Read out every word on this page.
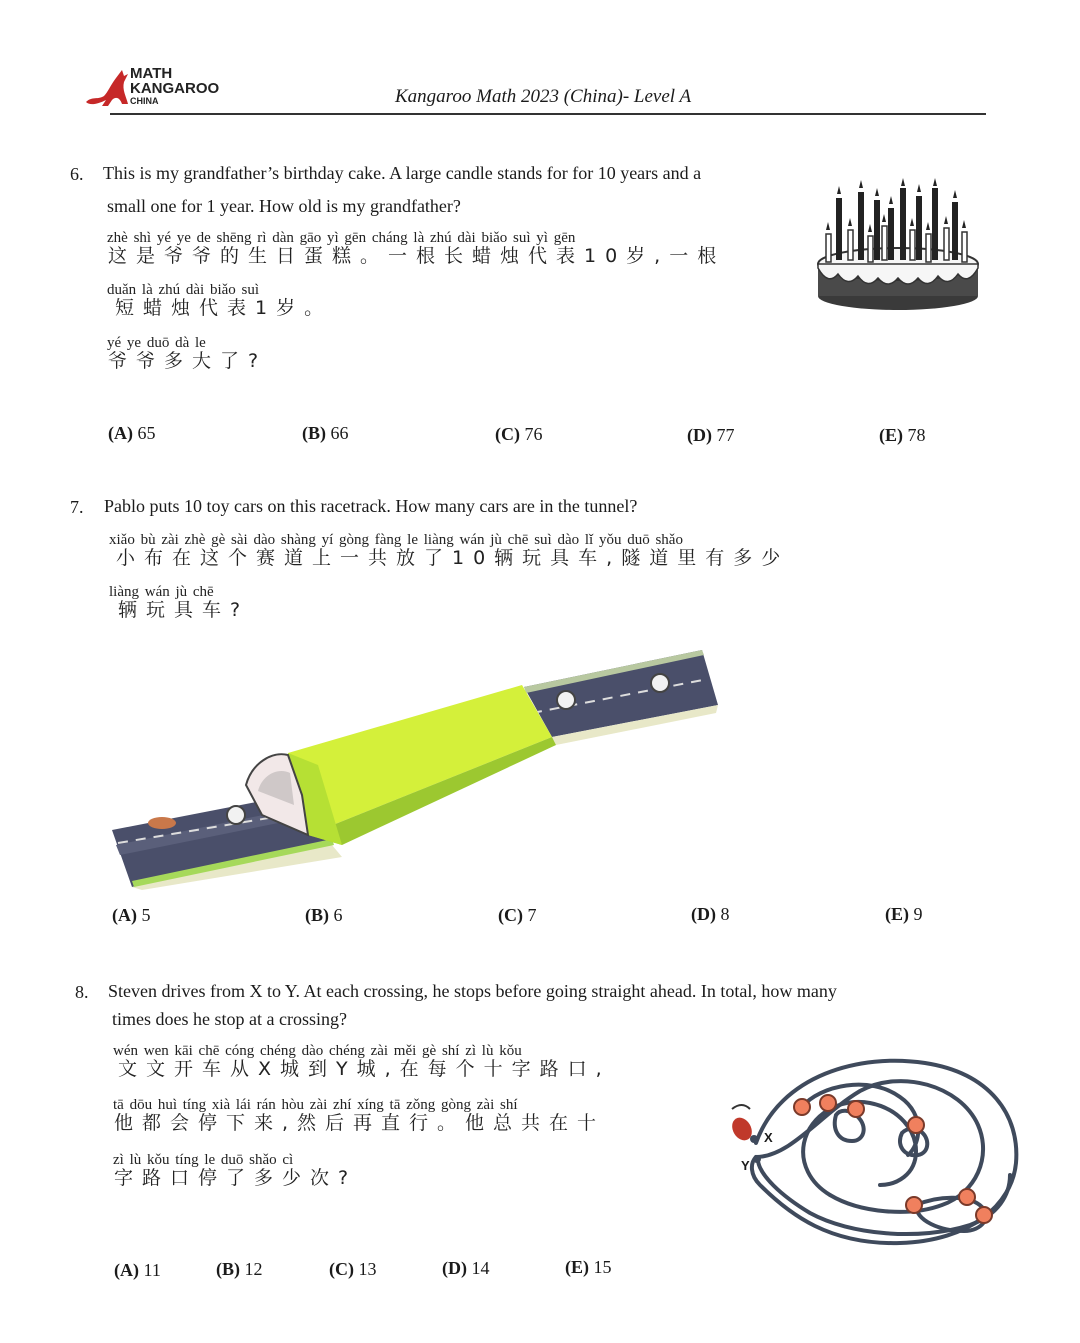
MATH
KANGAROO
CHINA	Kangaroo Math 2023 (China)- Level A
6. This is my grandfather’s birthday cake. A large candle stands for for 10 years and a
small one for 1 year. How old is my grandfather?
zhè shì yé ye de shēng rì dàn gāo yì gēn cháng là zhú dài biǎo suì yì gēn
这是爷爷的生日蛋糕。一根长蜡烛代表10岁,一根
duǎn là zhú dài biǎo suì
短蜡烛代表1岁。
yé ye duō dà le
爷爷多大了?
(A) 65	(B) 66	(C) 76	(D) 77	(E) 78
7. Pablo puts 10 toy cars on this racetrack. How many cars are in the tunnel?
xiǎo bù zài zhè gè sài dào shàng yí gòng fàng le liàng wán jù chē suì dào lǐ yǒu duō shǎo
小布在这个赛道上一共放了10辆玩具车,隧道里有多少
liàng wán jù chē
辆玩具车?
(A) 5	(B) 6	(C) 7	(D) 8	(E) 9
8. Steven drives from X to Y. At each crossing, he stops before going straight ahead. In total, how many
times does he stop at a crossing?
wén wen kāi chē cóng chéng dào chéng zài měi gè shí zì lù kǒu
文文开车从X城到Y城,在每个十字路口,
tā dōu huì tíng xià lái rán hòu zài zhí xíng tā zǒng gòng zài shí
他都会停下来,然后再直行。他总共在十
zì lù kǒu tíng le duō shǎo cì
字路口停了多少次?
X
Y
(A) 11	(B) 12	(C) 13	(D) 14	(E) 15
